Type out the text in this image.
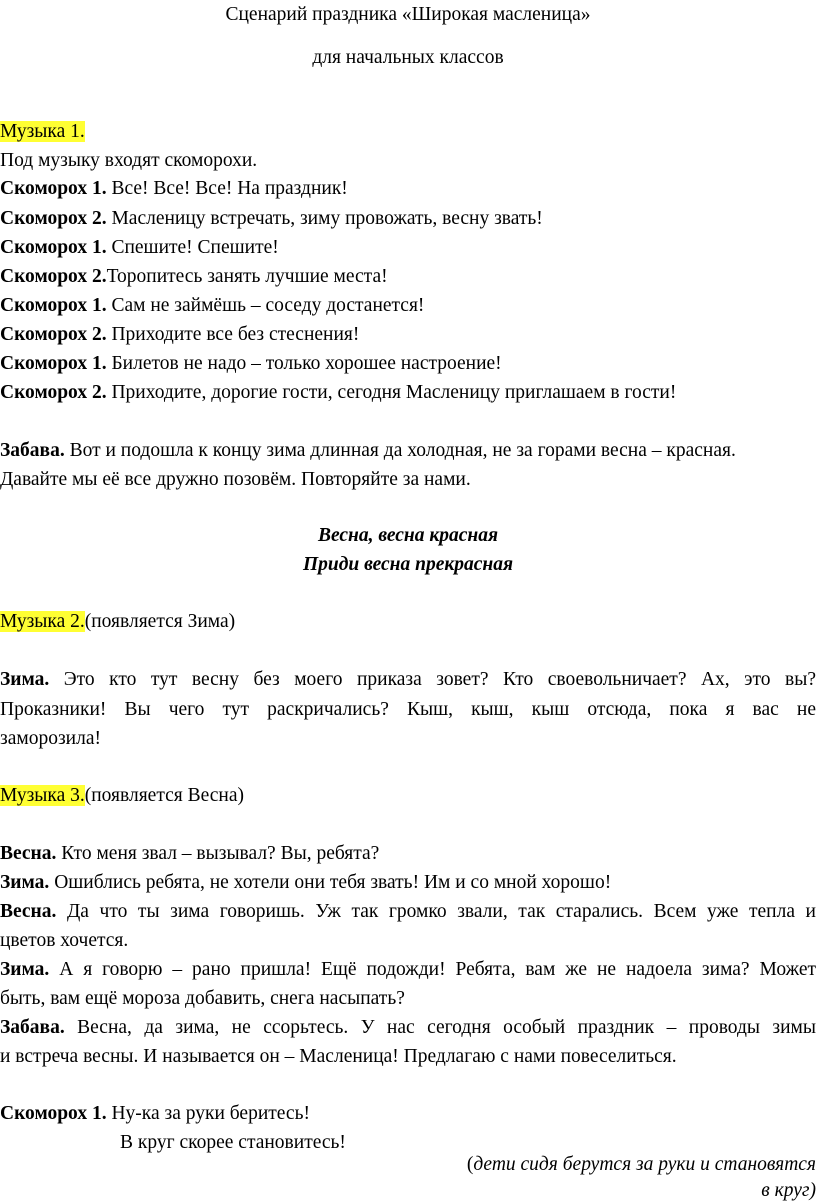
Сценарий праздника «Широкая масленица»
для начальных классов
Музыка 1.
Под музыку входят скоморохи.
Скоморох 1. Все! Все! Все! На праздник!
Скоморох 2. Масленицу встречать, зиму провожать, весну звать!
Скоморох 1. Спешите! Спешите!
Скоморох 2.Торопитесь занять лучшие места!
Скоморох 1. Сам не займёшь – соседу достанется!
Скоморох 2. Приходите все без стеснения!
Скоморох 1. Билетов не надо – только хорошее настроение!
Скоморох 2. Приходите, дорогие гости, сегодня Масленицу приглашаем в гости!
Забава. Вот и подошла к концу зима длинная да холодная, не за горами весна – красная.
Давайте мы её все дружно позовём. Повторяйте за нами.
Весна, весна красная
Приди весна прекрасная
Музыка 2.(появляется Зима)
Зима. Это кто тут весну без моего приказа зовет? Кто своевольничает? Ах, это вы?
Проказники! Вы чего тут раскричались? Кыш, кыш, кыш отсюда, пока я вас не
заморозила!
Музыка 3.(появляется Весна)
Весна. Кто меня звал – вызывал? Вы, ребята?
Зима. Ошиблись ребята, не хотели они тебя звать! Им и со мной хорошо!
Весна. Да что ты зима говоришь. Уж так громко звали, так старались. Всем уже тепла и
цветов хочется.
Зима. А я говорю – рано пришла! Ещё подожди! Ребята, вам же не надоела зима? Может
быть, вам ещё мороза добавить, снега насыпать?
Забава. Весна, да зима, не ссорьтесь. У нас сегодня особый праздник – проводы зимы
и встреча весны. И называется он – Масленица! Предлагаю с нами повеселиться.
Скоморох 1. Ну-ка за руки беритесь!
В круг скорее становитесь!
(дети сидя берутся за руки и становятся
в круг)
